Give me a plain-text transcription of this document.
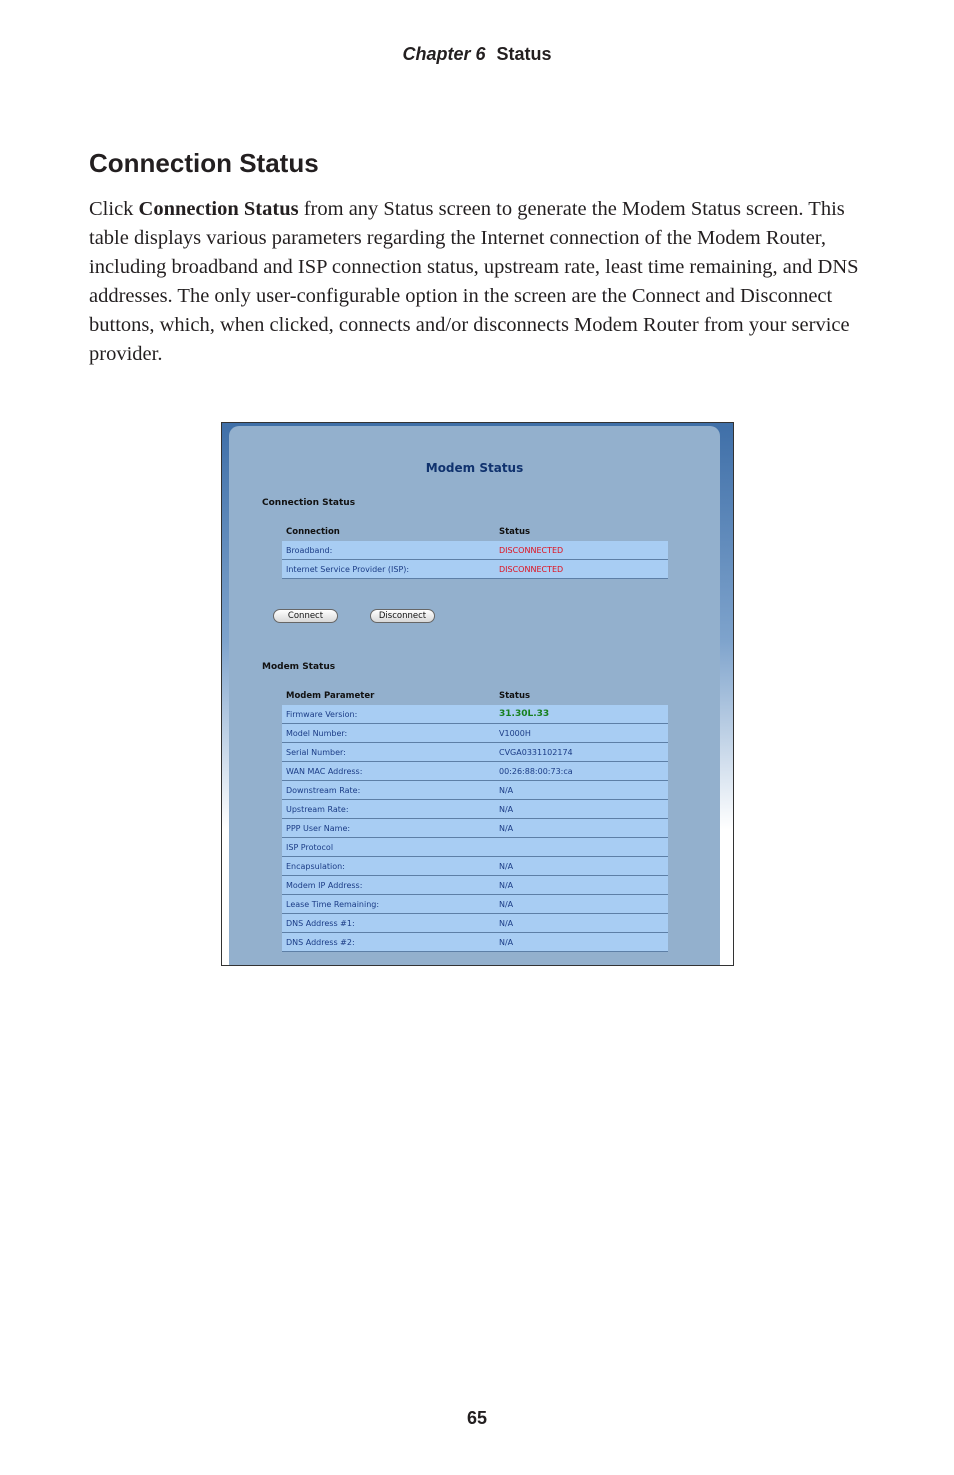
Chapter 6 Status
Connection Status

Click Connection Status from any Status screen to generate the Modem Status screen. This table displays various parameters regarding the Internet connection of the Modem Router, including broadband and ISP connection status, upstream rate, least time remaining, and DNS addresses. The only user-configurable option in the screen are the Connect and Disconnect buttons, which, when clicked, connects and/or disconnects Modem Router from your service provider.

Modem Status
Connection Status
Connection	Status
Broadband:	DISCONNECTED
Internet Service Provider (ISP):	DISCONNECTED
Connect	Disconnect
Modem Status
Modem Parameter	Status
Firmware Version:	31.30L.33
Model Number:	V1000H
Serial Number:	CVGA0331102174
WAN MAC Address:	00:26:88:00:73:ca
Downstream Rate:	N/A
Upstream Rate:	N/A
PPP User Name:	N/A
ISP Protocol
Encapsulation:	N/A
Modem IP Address:	N/A
Lease Time Remaining:	N/A
DNS Address #1:	N/A
DNS Address #2:	N/A
65
